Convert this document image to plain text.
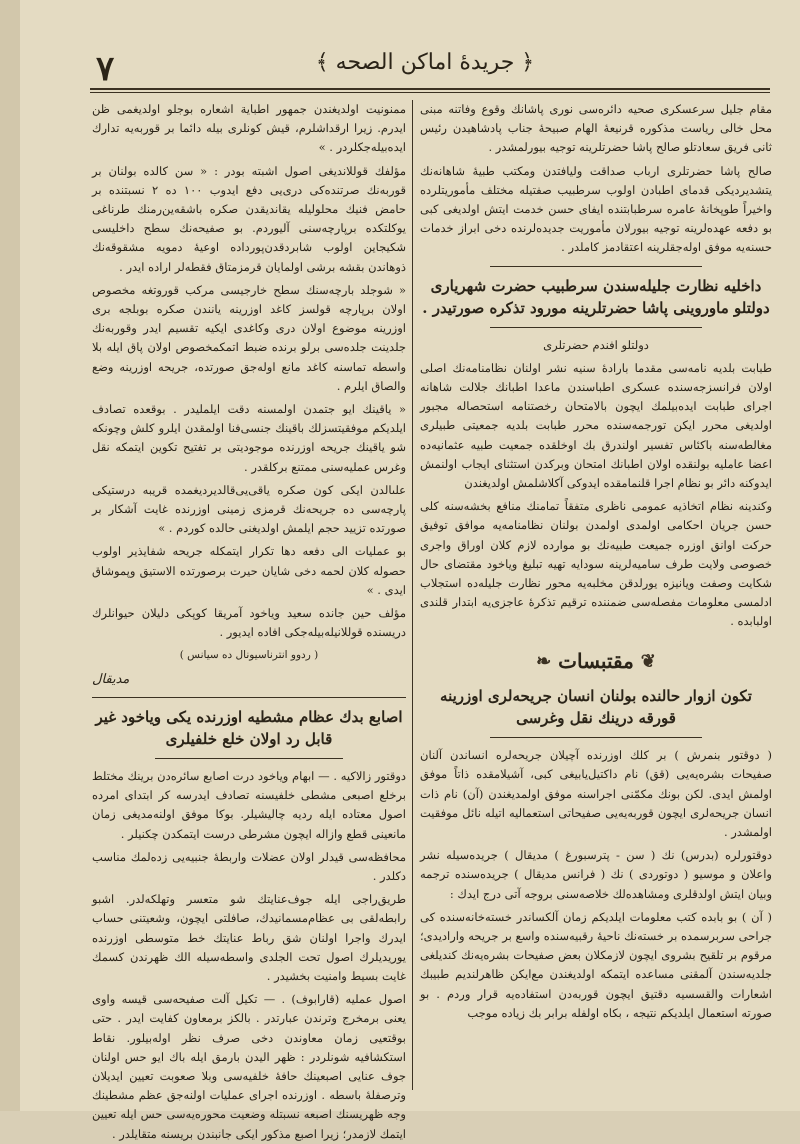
﴿ جريدهٔ اماكن الصحه ﴾
٧

مقام جليل سرعسكرى صحيه دائره‌سى نورى پاشانك وقوع وفاتنه مبنى محل خالى رياست مذكوره قرنيعهٔ الهام صبيحهٔ جناب پادشاهيدن رئيس ثانى فريق سعادتلو صالح پاشا حضرتلرينه توجيه بيورلمشدر .

صالح پاشا حضرتلرى ارباب صداقت وليافتدن ومكتب طبيهٔ شاهانه‌نك يتشديرديكى قدماى اطبادن اولوب سرطبيب صفتيله مختلف مأموريتلرده واخيراً طوپخانهٔ عامره سرطبابتنده ايفاى حسن خدمت ايتش اولديغى كبى بو دفعه عهده‌لرينه توجيه بيورلان مأموريت جديده‌لرنده دخى ابراز خدمات حسنه‌يه موفق اوله‌جقلرينه اعتقادمز كاملدر .

داخليه نظارت جليله‌سندن سرطبيب حضرت شهريارى دولتلو ماوروينى پاشا حضرتلرينه مورود تذكره صورتيدر .

دولتلو افندم حضرتلرى

طبابت بلديه نامه‌سى مقدما باراده‌ٔ سنيه نشر اولنان نظامنامه‌نك اصلى اولان فرانسزجه‌سنده عسكرى اطباسندن ماعدا اطبانك جلالت شاهانه اجراى طبابت ايده‌بيلمك ايچون بالامتحان رخصتنامه استحصاله مجبور اولديغى محرر ايكن تورجمه‌سنده محرر طبابت بلديه جمعيتى طبيلرى مغالطه‌سنه باكئاس تفسير اولندرق بك اوخلقده جمعيت طبيه عثمانيه‌ده اعضا عامليه بولنقده اولان اطبانك امتحان وبركدن استثناى ايجاب اولنمش ايدوكنه دائر بو نظام اجرا قلنمامقده ايدوكى آكلاشلمش اولديغندن

وكندينه نظام اتخاذيه عمومى ناظرى متفقاً تمامنك منافع بخشه‌سنه كلى حسن جريان احكامى اولمدى اولمدن بولنان نظامنامه‌يه موافق توفيق حركت اوانق اوزره جميعت طبيه‌نك بو موارده لازم كلان اوراق واجرى خصوصى ولايت طرف ساميه‌لرينه سودايه تهيه تبليغ وياخود مقتضاى حال شكايت وصفت ويانيزه يورلدقن مخلبه‌يه محور نظارت جليله‌ده استجلاب ادلمسى معلومات مفصله‌سى ضمننده ترقيم تذكره‌ٔ عاجزى‌يه ابتدار قلندى اولبابده .

❦ مقتبسات ❧
تكون ازوار حالنده بولنان انسان جريحه‌لرى اوزرينه قورقه درينك نقل وغرسى

( دوقتور بنمرش ) بر كلك اوزرنده آچيلان جريحه‌لره انساندن آلنان صفيحات بشره‌يه‌يى (قق) نام داكتيل‌يابيغى كبى، آشيلامقده ذاتاً موفق اولمش ايدى. لكن بونك مكمّنى اجراسنه موفق اولمديغندن (آن) نام ذات انسان جريحه‌لرى ايچون قوربه‌يه‌يى صفيحاتى استعماليه اتيله نائل موفقيت اولمشدر .

دوقتورلره (بدرس) نك ( سن - پترسبورغ ) مديقال ) جريده‌سيله نشر واعلان و موسيو ( دوتوردى ) نك ( فرانس مديقال ) جريده‌سنده ترجمه وبيان ايتش اولدقلرى ومشاهده‌لك خلاصه‌سنى بروجه آتى درج ايدك :

( آن ) بو بابده كتب معلومات ايلديكم زمان آلكساندر خسته‌خانه‌سنده كى جراحى سربرسمده بر خسته‌نك ناحيه‌ٔ رقبيه‌سنده واسع بر جريحه واراديدى؛ مرقوم بر تلقيح بشروى ايچون لازمكلان بعض صفيحات بشره‌يه‌نك كنديلغى جلديه‌سندن آلمقنى مساعده ايتمكه اولديغندن مع‌ايكن ظاهرلنديم طبيبك اشعارات والقسسيه دقتيق ايچون قوربه‌دن استفاده‌يه قرار وردم . بو صورته استعمال ايلديكم نتيجه ، بكاه اولفله برابر بك زياده موجب

ممنونيت اولديغندن جمهور اطباية اشعاره بوجلو اولديغمى ظن ايدرم. زيرا ارقداشلرم، قيش كونلرى بيله دائما بر قوربه‌يه تدارك ايده‌بيله‌جكلردر . »

مؤلفك قوللانديغى اصول اشبته بودر : « سن كالده بولنان بر قوربه‌نك صرتنده‌كى درى‌يى دفع ايدوب ۱۰۰ ده ۲ نسبتنده بر حامض فنيك محلوليله يقانديقدن صكره باشقه‌ين‌رمنك طرناغى يوكلتكده برپارچه‌سنى آليوردم. بو صفيحه‌نك سطح داخليسى شكيجاين اولوب شابردقدن‌پورداده اوعيه‌ٔ دمويه مشقوقه‌نك ذوهاندن بقشه برشى اولمايان قرمزمتاق فقطه‌لر اراده ايدر .

« شوجلد بارچه‌سنك سطح خارجيسى مركب قوروتغه مخصوص اولان برپارچه قولسز كاغد اوزرينه يانندن صكره بوبلجه برى اوزرينه موضوع اولان درى وكاغدى ايكيه تقسيم ايدر وقوربه‌نك جلدينت جلده‌سى برلو برنده ضبط اتمكمخصوص اولان پاق ايله بلا واسطه تماسنه كاغد مانع اوله‌جق صورتده، جريحه اوزرينه وضع والصاق ايلرم .

« ياقينك ايو جتمدن اولمسنه دقت ايلمليدر . بوقعده تصادف ايلديكم موفقيتسزلك باقينك جنسى‌فنا اولمقدن ايلرو كلش وچونكه شو ياقينك جريحه اوزرنده موجوديتى بر تفتيح تكوين ايتمكه نقل وغرس عمليه‌سنى ممتنع بركلقدر .

علىالدن ايكى كون صكره ياقى‌يى‌قالديرديغمده قريبه درستيكى پارچه‌سى ده جريحه‌نك قرمزى زمينى اوزرنده غايت آشكار بر صورتده تزييد حجم ايلمش اولديغنى حالده كوردم . »

بو عمليات الى دفعه دها تكرار ايتمكله جريحه شفايذير اولوب حصوله كلان لحمه دخى شايان حيرت برصورتده الاستيق وپموشاق ايدى . »

مؤلف حين جانده سعيد وياخود آمريقا كوپكى دليلان حيوانلرك دريسنده قوللانيله‌بيله‌جكى افاده ايديور .

( ردوو انترناسيونال ده سيانس )

مديقال
اصابع بدك عظام مشطيه اوزرنده يكى وياخود غير قابل رد اولان خلع خلفيلرى

دوقتور زالاكيه . — ابهام وياخود درت اصابع سائره‌دن برينك مختلط برخلع اصبعى مشطى خلفيسنه تصادف ايدرسه كر ابتداى امرده اصول معتاده ايله رديه چاليشيلر. بوكا موفق اولنه‌مديغى زمان مانعينى قطع وازاله ايچون مشرطى درست ايتمكدن چكنيلر .

محافظه‌سى قيدلر اولان عضلات واربطهٔ جنبيه‌يى زده‌لمك مناسب دكلدر .

طريق‌راجى ايله جوف‌عنايتك شو متعسر وتهلكه‌لدر. اشبو رابطه‌لقى بى عظام‌مسمانيدك، صافلتى ايچون، وشعيتنى حساب ايدرك واجرا اولنان شق رباط عنايتك خط متوسطى اوزرنده يوريديلرك اصول تحت الجلدى واسطه‌سيله الك ظهرندن كسمك غايت بسيط وامنيت بخشيدر .

اصول عمليه (قارابوف) . — تكيل آلت صفيحه‌سى قيسه واوى يعنى برمخرج وترندن عبارتدر . بالكز برمعاون كفايت ايدر . حتى بوقتعيى زمان معاوندن دخى صرف نظر اوله‌بيلور. نقاط استكشافيه شونلردر : ظهر اليدن بارمق ايله باك ايو حس اولنان جوف عنايى اصبعينك حافهٔ خلفيه‌سى وبلا صعوبت تعيين ايديلان وترصفله‌ٔ باسطه . اوزرنده اجرای عمليات اولنه‌جق عظم مشطينك وجه ظهريسنك اصبعه نسبتله وضعيت محوره‌يه‌سى حس ايله تعيين ايتمك لازمدر؛ زيرا اصبع مذكور ايكى جانبندن بريسنه متقايلدر .
